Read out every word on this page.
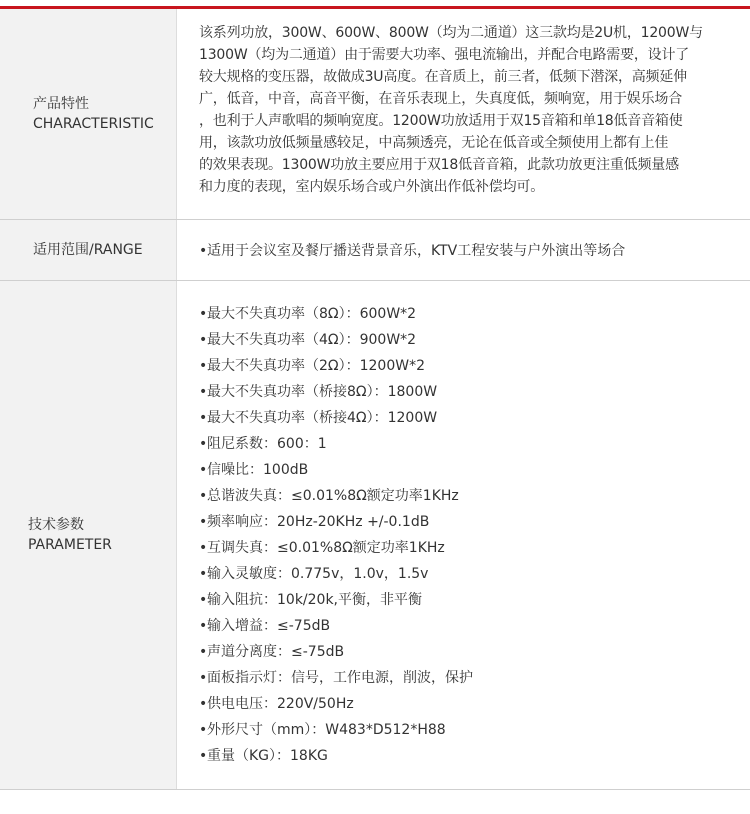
产品特性
CHARACTERISTIC
该系列功放，300W、600W、800W（均为二通道）这三款均是2U机，1200W与
1300W（均为二通道）由于需要大功率、强电流输出，并配合电路需要，设计了
较大规格的变压器，故做成3U高度。在音质上，前三者，低频下潜深，高频延伸
广，低音，中音，高音平衡，在音乐表现上，失真度低，频响宽，用于娱乐场合
，也利于人声歌唱的频响宽度。1200W功放适用于双15音箱和单18低音音箱使
用，该款功放低频量感较足，中高频透亮，无论在低音或全频使用上都有上佳
的效果表现。1300W功放主要应用于双18低音音箱，此款功放更注重低频量感
和力度的表现，室内娱乐场合或户外演出作低补偿均可。
适用范围/RANGE	•适用于会议室及餐厅播送背景音乐，KTV工程安装与户外演出等场合
技术参数
PARAMETER
•最大不失真功率（8Ω）：600W*2
•最大不失真功率（4Ω）：900W*2
•最大不失真功率（2Ω）：1200W*2
•最大不失真功率（桥接8Ω）：1800W
•最大不失真功率（桥接4Ω）：1200W
•阻尼系数：600：1
•信噪比：100dB
•总谐波失真：≤0.01%8Ω额定功率1KHz
•频率响应：20Hz-20KHz +/-0.1dB
•互调失真：≤0.01%8Ω额定功率1KHz
•输入灵敏度：0.775v，1.0v，1.5v
•输入阻抗：10k/20k,平衡，非平衡
•输入增益：≤-75dB
•声道分离度：≤-75dB
•面板指示灯：信号，工作电源，削波，保护
•供电电压：220V/50Hz
•外形尺寸（mm）：W483*D512*H88
•重量（KG）：18KG
